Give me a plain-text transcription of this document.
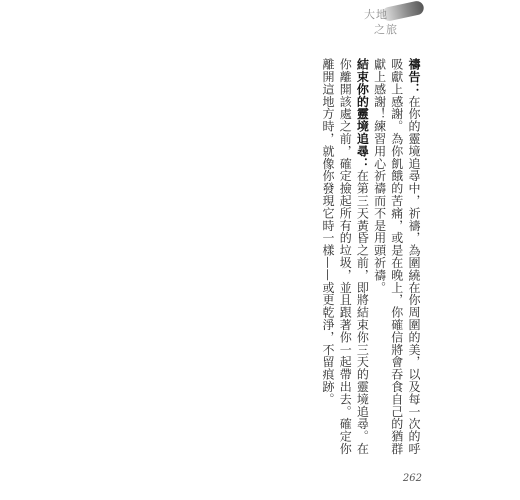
大地
之旅

禱告：在你的靈境追尋中，祈禱，為圍繞在你周圍的美，以及每一次的呼吸獻上感謝。為你飢餓的苦痛，或是在晚上，你確信將會吞食自己的猶群獻上感謝！練習用心祈禱而不是用頭祈禱。

結束你的靈境追尋：在第三天黃昏之前，即將結束你三天的靈境追尋。在你離開該處之前，確定撿起所有的垃圾，並且跟著你一起帶出去。確定你離開這地方時，就像你發現它時一樣——或更乾淨，不留痕跡。

262
